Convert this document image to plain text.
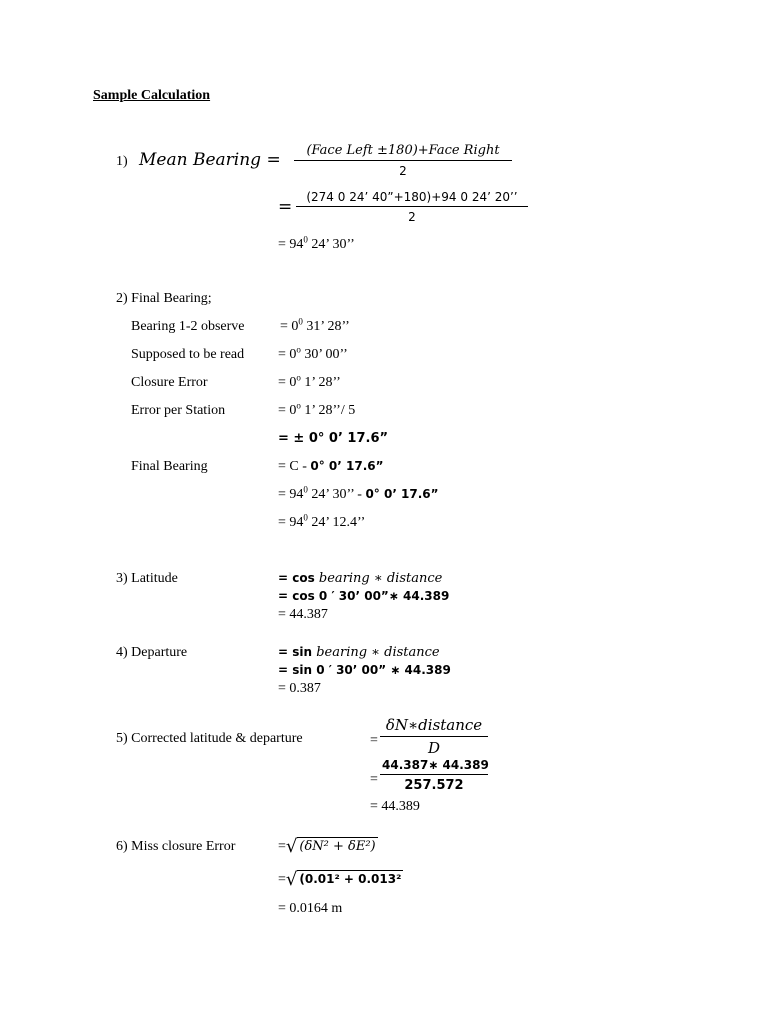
Sample Calculation
1) Mean Bearing =	(Face Left ±180)+Face Right
2
=	(274 0 24’ 40”+180)+94 0 24’ 20’’
2
= $94^0$ 24’ 30’’
2) Final Bearing;
Bearing 1-2 observe	= $0^0$ 31’ 28’’
Supposed to be read = $0^o$ 30’ 00’’
Closure Error	= $0^o$ 1’ 28’’
Error per Station	= $0^o$ 1’ 28’’/ 5
= ± 0° 0’ 17.6”
Final Bearing	= C - 0° 0’ 17.6”
= $94^0$ 24’ 30’’ - 0° 0’ 17.6”
= $94^0$ 24’ 12.4’’
3) Latitude	= cos bearing ∗ distance
= cos 0 ′ 30’ 00”∗ 44.389
= 44.387
4) Departure	= sin bearing ∗ distance
= sin 0 ′ 30’ 00” ∗ 44.389
= 0.387
5) Corrected latitude & departure	=
δN∗distance
D
=
44.387∗ 44.389
257.572
= 44.389
6) Miss closure Error	=√ (δN² + δE²)
=√ (0.01² + 0.013²
= 0.0164 m
